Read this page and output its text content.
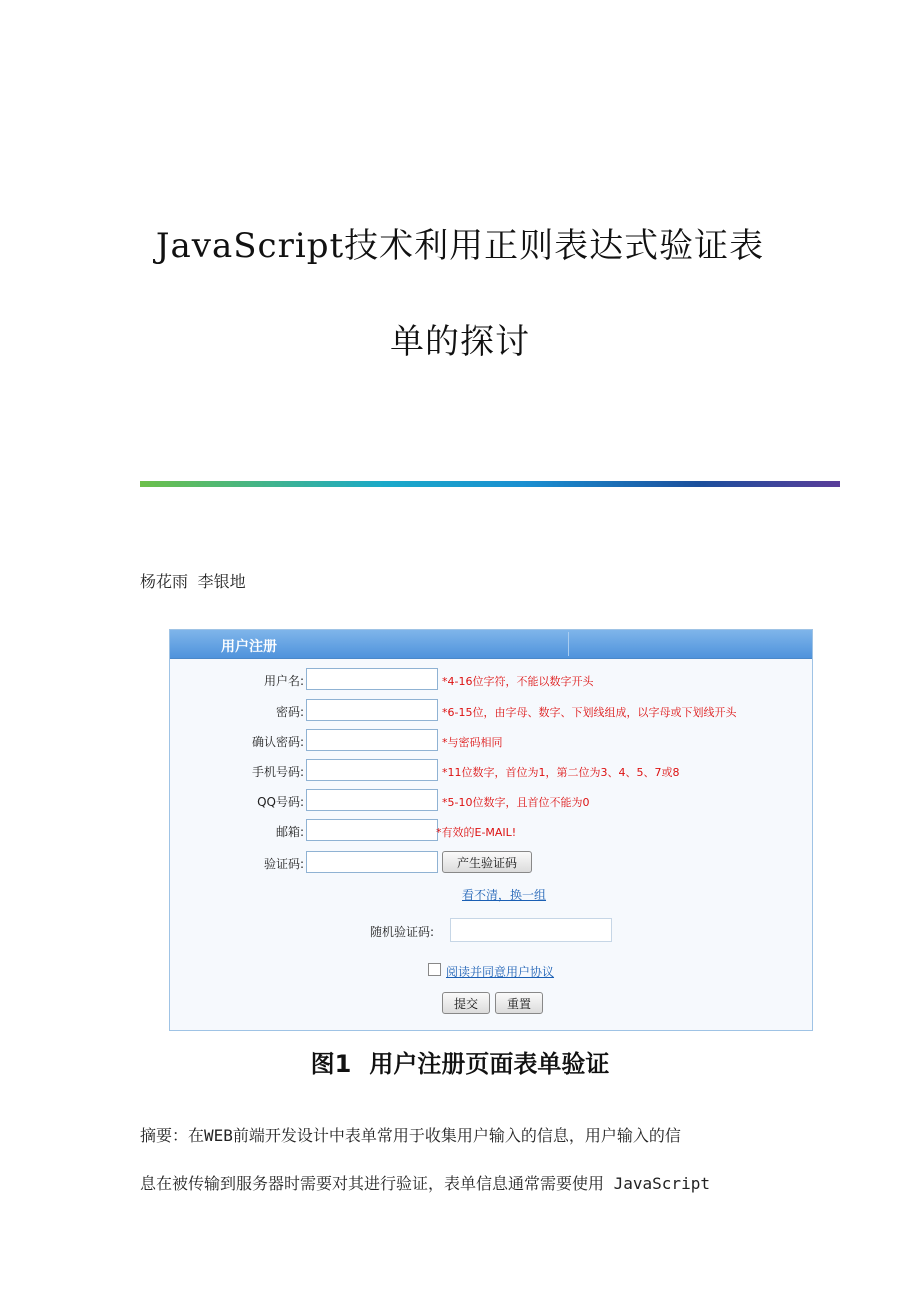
JavaScript技术利用正则表达式验证表
单的探讨
杨花雨 李银地
用户注册
用户名:	*4-16位字符，不能以数字开头
密码:	*6-15位，由字母、数字、下划线组成，以字母或下划线开头
确认密码:	*与密码相同
手机号码:	*11位数字，首位为1，第二位为3、4、5、7或8
QQ号码:	*5-10位数字，且首位不能为0
邮箱:	*有效的E-MAIL!
验证码:	产生验证码
看不清，换一组
随机验证码:
阅读并同意用户协议
提交	重置
图1 用户注册页面表单验证
摘要：在WEB前端开发设计中表单常用于收集用户输入的信息，用户输入的信
息在被传输到服务器时需要对其进行验证，表单信息通常需要使用 JavaScript
